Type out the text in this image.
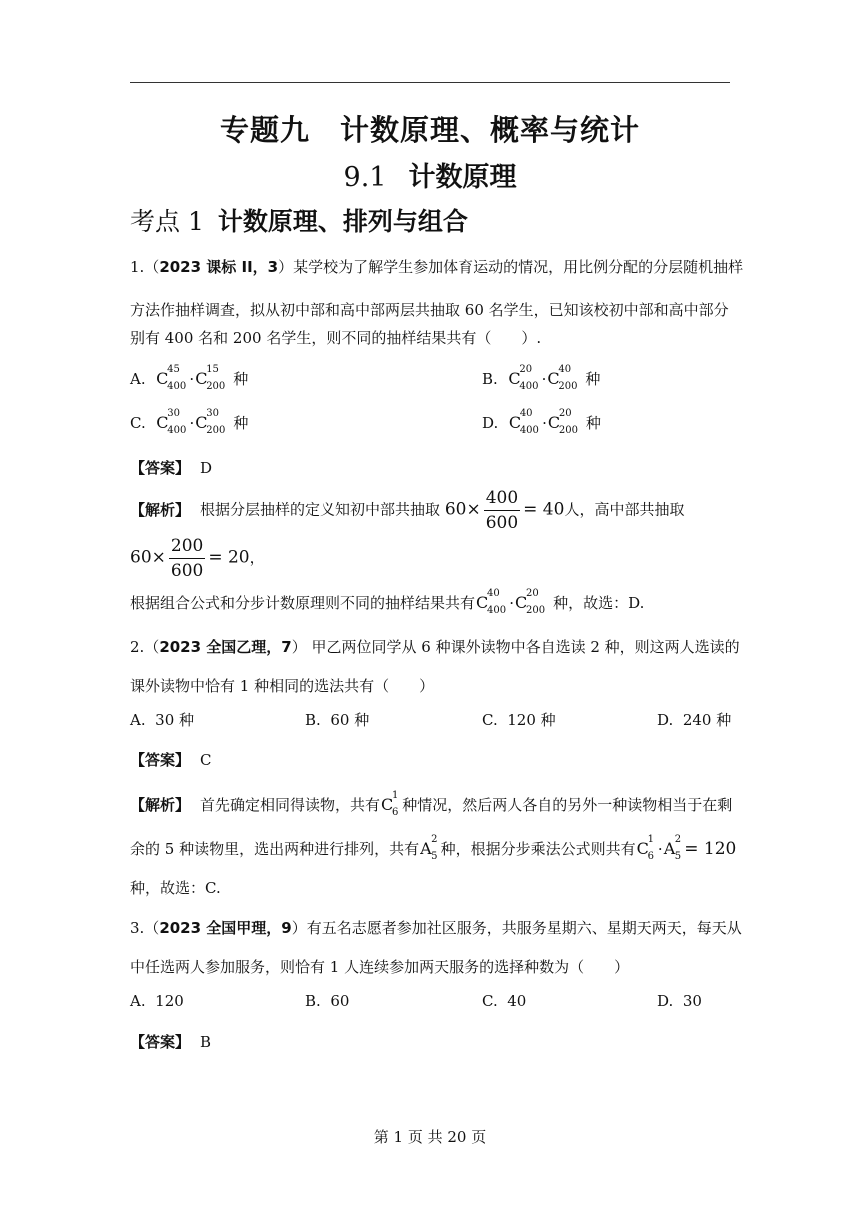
专题九　计数原理、概率与统计
9.1 计数原理
考点 1 计数原理、排列与组合
1.（2023 课标 II，3）某学校为了解学生参加体育运动的情况，用比例分配的分层随机抽样
方法作抽样调查，拟从初中部和高中部两层共抽取 60 名学生，已知该校初中部和高中部分
别有 400 名和 200 名学生，则不同的抽样结果共有（　　）.
A. C
45
400 ·C
15
200 种	B. C
20
400 ·C
40
200 种
C. C
30
400 ·C
30
200 种	D. C
40
400 ·C
20
200 种
【答案】 D
【解析】 根据分层抽样的定义知初中部共抽取 $60\times \frac{400}{600} = 40$人，高中部共抽取
$60\times \frac{200}{600} = 20$，
根据组合公式和分步计数原理则不同的抽样结果共有C
40
400 ·C
20
200 种，故选：D.
2.（2023 全国乙理，7） 甲乙两位同学从 6 种课外读物中各自选读 2 种，则这两人选读的
课外读物中恰有 1 种相同的选法共有（　　）
A. 30 种	B. 60 种	C. 120 种	D. 240 种
【答案】 C
【解析】 首先确定相同得读物，共有C
1
6 种情况，然后两人各自的另外一种读物相当于在剩
余的 5 种读物里，选出两种进行排列，共有A 2
5 种，根据分步乘法公式则共有C
1
6 ·A 2
5 = 120
种，故选：C.
3.（2023 全国甲理，9）有五名志愿者参加社区服务，共服务星期六、星期天两天，每天从
中任选两人参加服务，则恰有 1 人连续参加两天服务的选择种数为（　　）
A. 120	B. 60	C. 40	D. 30
【答案】 B
第 1 页 共 20 页
